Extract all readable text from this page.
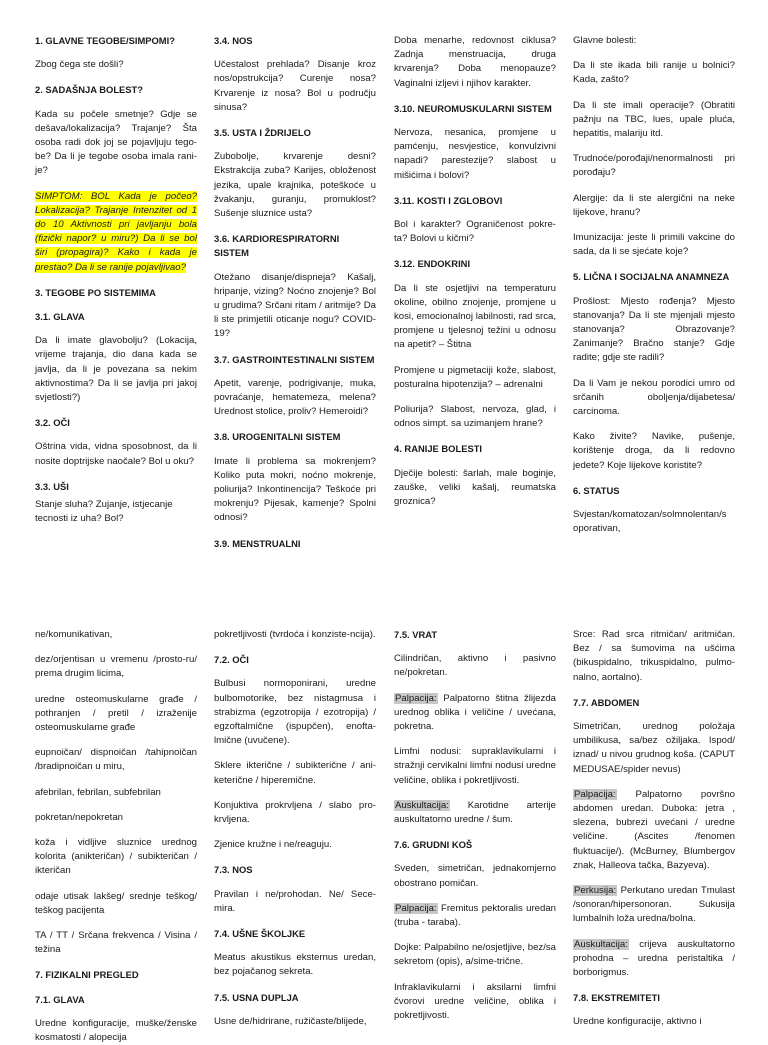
1. GLAVNE TEGOBE/SIMPOMI?
Zbog čega ste došli?
2. SADAŠNJA BOLEST?
Kada su počele smetnje? Gdje se dešava/lokalizacija? Trajanje? Šta osoba radi dok joj se pojavljuju tego-be? Da li je tegobe osoba imala rani-je?
SIMPTOM: BOL Kada je počeo? Lokalizacija? Trajanje Intenzitet od 1 do 10 Aktivnosti pri javljanju bola (fizički napor? u miru?) Da li se bol širi (propagira)? Kako i kada je prestao? Da li se ranije pojavljivao?
3. TEGOBE PO SISTEMIMA
3.1. GLAVA
Da li imate glavobolju? (Lokacija, vrijeme trajanja, dio dana kada se javlja, da li je povezana sa nekim aktivnostima? Da li se javlja pri jakoj svjetlosti?)
3.2. OČI
Oštrina vida, vidna sposobnost, da li nosite doptrijske naočale? Bol u oku?
3.3. UŠI
Stanje sluha? Zujanje, istjecanje tecnosti iz uha? Bol?
3.4. NOS
Učestalost prehlada? Disanje kroz nos/opstrukcija? Curenje nosa? Krvarenje iz nosa? Bol u području sinusa?
3.5. USTA I ŽDRIJELO
Zubobolje, krvarenje desni? Ekstrakcija zuba? Karijes, obloženost jezika, upale krajnika, poteškoće u žvakanju, guranju, promuklost? Sušenje sluznice usta?
3.6. KARDIORESPIRATORNI SISTEM
Otežano disanje/dispneja? Kašalj, hripanje, vizing? Noćno znojenje? Bol u grudima? Srčani ritam / aritmije? Da li ste primjetili oticanje nogu? COVID-19?
3.7. GASTROINTESTINALNI SISTEM
Apetit, varenje, podrigivanje, muka, povraćanje, hematemeza, melena? Urednost stolice, proliv? Hemeroidi?
3.8. UROGENITALNI SISTEM
Imate li problema sa mokrenjem? Koliko puta mokri, noćno mokrenje, poliurija? Inkontinencija? Teškoće pri mokrenju? Pijesak, kamenje? Spolni odnosi?
3.9. MENSTRUALNI
Doba menarhe, redovnost ciklusa? Zadnja menstruacija, druga krvarenja? Doba menopauze? Vaginalni izljevi i njihov karakter.
3.10. NEUROMUSKULARNI SISTEM
Nervoza, nesanica, promjene u pamćenju, nesvjestice, konvulzivni napadi? parestezije? slabost u mišićima i bolovi?
3.11. KOSTI I ZGLOBOVI
Bol i karakter? Ograničenost pokre-ta? Bolovi u kičmi?
3.12. ENDOKRINI
Da li ste osjetljivi na temperaturu okoline, obilno znojenje, promjene u kosi, emocionalnoj labilnosti, rad srca, promjene u tjelesnoj težini u odnosu na apetit? – Štitna
Promjene u pigmetaciji kože, slabost, posturalna hipotenzija? – adrenalni
Poliurija? Slabost, nervoza, glad, i odnos simpt. sa uzimanjem hrane?
4. RANIJE BOLESTI
Dječije bolesti: šarlah, male boginje, zauške, veliki kašalj, reumatska groznica?
Glavne bolesti:
Da li ste ikada bili ranije u bolnici? Kada, zašto?
Da li ste imali operacije? (Obratiti pažnju na TBC, lues, upale pluća, hepatitis, malariju itd.
Trudnoće/porođaji/nenormalnosti pri porođaju?
Alergije: da li ste alergični na neke lijekove, hranu?
Imunizacija: jeste li primili vakcine do sada, da li se sjećate koje?
5. LIČNA I SOCIJALNA ANAMNEZA
Prošlost: Mjesto rođenja? Mjesto stanovanja? Da li ste mjenjali mjesto stanovanja? Obrazovanje? Zanimanje? Bračno stanje? Gdje radite; gdje ste radili?
Da li Vam je nekou porodici umro od srčanih oboljenja/dijabetesa/ carcinoma.
Kako živite? Navike, pušenje, korištenje droga, da li redovno jedete? Koje lijekove koristite?
6. STATUS
Svjestan/komatozan/solmnolentan/s oporativan,
ne/komunikativan,
dez/orjentisan u vremenu /prosto-ru/ prema drugim licima,
uredne osteomuskularne građe / pothranjen / pretil / izraženije osteomuskularne građe
eupnoičan/ dispnoičan /tahipnoičan /bradipnoičan u miru,
afebrilan, febrilan, subfebrilan
pokretan/nepokretan
koža i vidljive sluznice urednog kolorita (anikteričan) / subikteričan / ikteričan
odaje utisak lakšeg/ srednje teškog/ teškog pacijenta
TA / TT / Srčana frekvenca / Visina / težina
7. FIZIKALNI PREGLED
7.1. GLAVA
Uredne konfiguracije, muške/ženske kosmatosti / alopecija
pokretljivosti (tvrdoća i konziste-ncija).
7.2. OČI
Bulbusi normoponirani, uredne bulbomotorike, bez nistagmusa i strabizma (egzotropija / ezotropija) / egzoftalmične (ispupčen), enofta-lmične (uvučene).
Sklere ikterične / subikterične / ani-keterične / hiperemične.
Konjuktiva prokrvljena / slabo pro-krvljena.
Zjenice kružne i ne/reaguju.
7.3. NOS
Pravilan i ne/prohodan. Ne/ Sece-mira.
7.4. UŠNE ŠKOLJKE
Meatus akustikus eksternus uredan, bez pojačanog sekreta.
7.5. USNA DUPLJA
Usne de/hidrirane, ružičaste/blijede,
7.5. VRAT
Cilindričan, aktivno i pasivno ne/pokretan.
Palpacija: Palpatorno štitna žlijezda urednog oblika i veličine / uvećana, pokretna.
Limfni nodusi: supraklavikularni i stražnji cervikalni limfni nodusi uredne veličine, oblika i pokretljivosti.
Auskultacija: Karotidne arterije auskultatorno uredne / šum.
7.6. GRUDNI KOŠ
Sveden, simetričan, jednakomjerno obostrano pomičan.
Palpacija: Fremitus pektoralis uredan (truba - taraba).
Dojke: Palpabilno ne/osjetljive, bez/sa sekretom (opis), a/sime-trične.
Infraklavikularni i aksilarni limfni čvorovi uredne veličine, oblika i pokretljivosti.
Srce: Rad srca ritmičan/ aritmičan. Bez / sa šumovima na ušćima (bikuspidalno, trikuspidalno, pulmo-nalno, aortalno).
7.7. ABDOMEN
Simetričan, urednog položaja umbilikusa, sa/bez ožiljaka. Ispod/ iznad/ u nivou grudnog koša. (CAPUT MEDUSAE/spider nevus)
Palpacija: Palpatorno površno abdomen uredan. Duboka: jetra , slezena, bubrezi uvećani / uredne veličine. (Ascites /fenomen fluktuacije/). (McBurney, Blumbergov znak, Halleova tačka, Bazyeva).
Perkusija: Perkutano uredan Tmulast /sonoran/hipersonoran. Sukusija lumbalnih loža uredna/bolna.
Auskultacija: crijeva auskultatorno prohodna – uredna peristaltika / borborigmus.
7.8. EKSTREMITETI
Uredne konfiguracije, aktivno i
